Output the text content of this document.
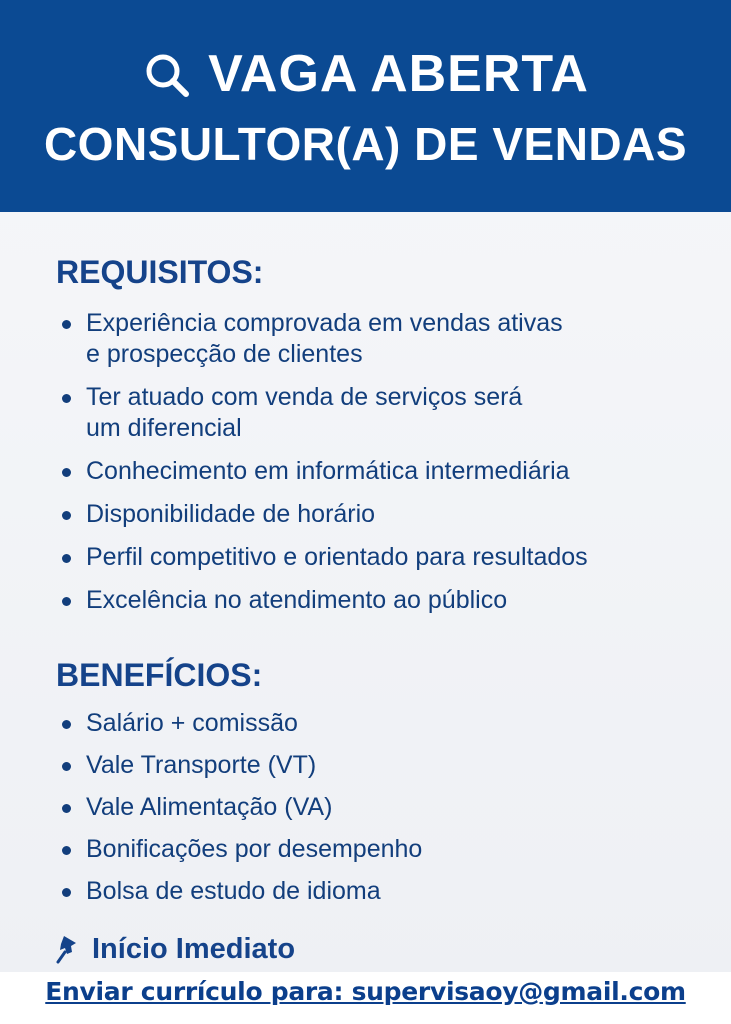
VAGA ABERTA
CONSULTOR(A) DE VENDAS
REQUISITOS:
Experiência comprovada em vendas ativas
e prospecção de clientes
Ter atuado com venda de serviços será
um diferencial
Conhecimento em informática intermediária
Disponibilidade de horário
Perfil competitivo e orientado para resultados
Excelência no atendimento ao público
BENEFÍCIOS:
Salário + comissão
Vale Transporte (VT)
Vale Alimentação (VA)
Bonificações por desempenho
Bolsa de estudo de idioma
Início Imediato
Enviar currículo para: supervisaoy@gmail.com
